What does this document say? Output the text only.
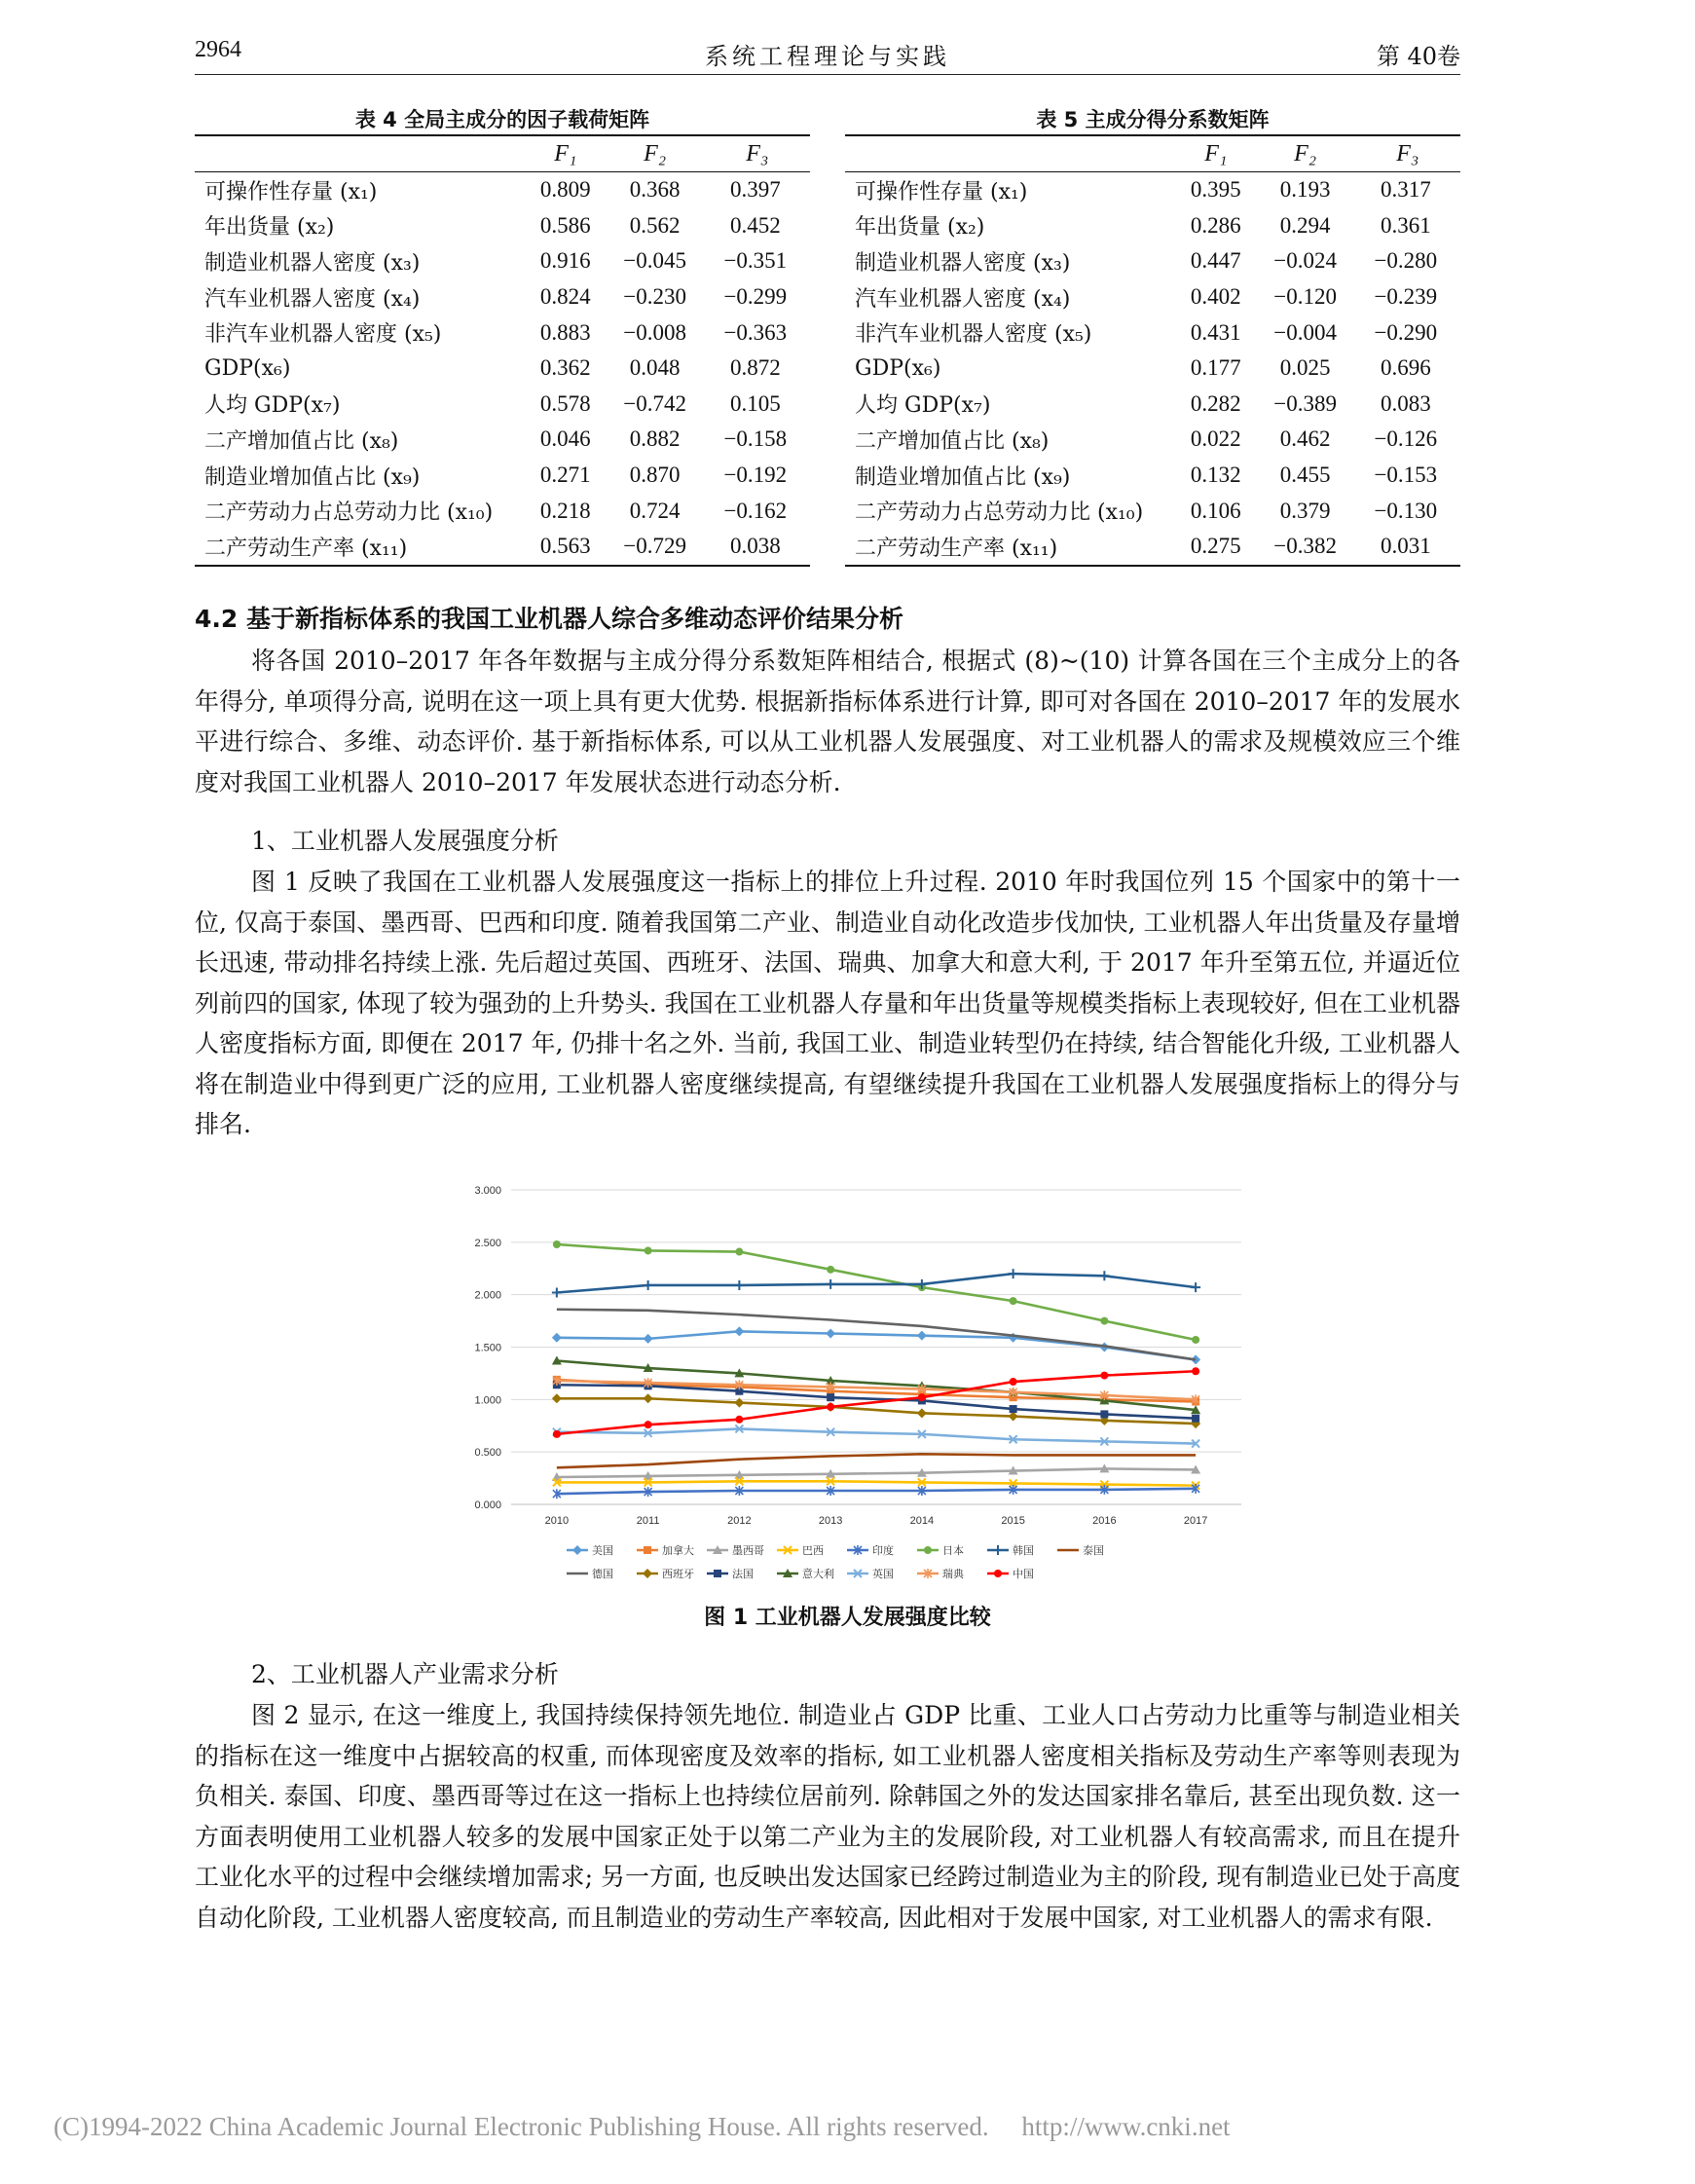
2964	系统工程理论与实践	第 40卷
表 4 全局主成分的因子载荷矩阵
	F₁	F₂	F₃
可操作性存量 (x₁)	0.809	0.368	0.397
年出货量 (x₂)	0.586	0.562	0.452
制造业机器人密度 (x₃)	0.916	−0.045	−0.351
汽车业机器人密度 (x₄)	0.824	−0.230	−0.299
非汽车业机器人密度 (x₅)	0.883	−0.008	−0.363
GDP(x₆)	0.362	0.048	0.872
人均 GDP(x₇)	0.578	−0.742	0.105
二产增加值占比 (x₈)	0.046	0.882	−0.158
制造业增加值占比 (x₉)	0.271	0.870	−0.192
二产劳动力占总劳动力比 (x₁₀)	0.218	0.724	−0.162
二产劳动生产率 (x₁₁)	0.563	−0.729	0.038
表 5 主成分得分系数矩阵
	F₁	F₂	F₃
可操作性存量 (x₁)	0.395	0.193	0.317
年出货量 (x₂)	0.286	0.294	0.361
制造业机器人密度 (x₃)	0.447	−0.024	−0.280
汽车业机器人密度 (x₄)	0.402	−0.120	−0.239
非汽车业机器人密度 (x₅)	0.431	−0.004	−0.290
GDP(x₆)	0.177	0.025	0.696
人均 GDP(x₇)	0.282	−0.389	0.083
二产增加值占比 (x₈)	0.022	0.462	−0.126
制造业增加值占比 (x₉)	0.132	0.455	−0.153
二产劳动力占总劳动力比 (x₁₀)	0.106	0.379	−0.130
二产劳动生产率 (x₁₁)	0.275	−0.382	0.031
4.2 基于新指标体系的我国工业机器人综合多维动态评价结果分析

将各国 2010–2017 年各年数据与主成分得分系数矩阵相结合, 根据式 (8)~(10) 计算各国在三个主成分上的各年得分, 单项得分高, 说明在这一项上具有更大优势. 根据新指标体系进行计算, 即可对各国在 2010–2017 年的发展水平进行综合、多维、动态评价. 基于新指标体系, 可以从工业机器人发展强度、对工业机器人的需求及规模效应三个维度对我国工业机器人 2010–2017 年发展状态进行动态分析.

1、工业机器人发展强度分析

图 1 反映了我国在工业机器人发展强度这一指标上的排位上升过程. 2010 年时我国位列 15 个国家中的第十一位, 仅高于泰国、墨西哥、巴西和印度. 随着我国第二产业、制造业自动化改造步伐加快, 工业机器人年出货量及存量增长迅速, 带动排名持续上涨. 先后超过英国、西班牙、法国、瑞典、加拿大和意大利, 于 2017 年升至第五位, 并逼近位列前四的国家, 体现了较为强劲的上升势头. 我国在工业机器人存量和年出货量等规模类指标上表现较好, 但在工业机器人密度指标方面, 即便在 2017 年, 仍排十名之外. 当前, 我国工业、制造业转型仍在持续, 结合智能化升级, 工业机器人将在制造业中得到更广泛的应用, 工业机器人密度继续提高, 有望继续提升我国在工业机器人发展强度指标上的得分与排名.

0.000
0.500
1.000
1.500
2.000
2.500
3.000
2010	2011	2012	2013	2014	2015	2016	2017
美国	加拿大	墨西哥	巴西	印度	日本	韩国	泰国
德国	西班牙	法国	意大利	英国	瑞典	中国
图 1 工业机器人发展强度比较
2、工业机器人产业需求分析

图 2 显示, 在这一维度上, 我国持续保持领先地位. 制造业占 GDP 比重、工业人口占劳动力比重等与制造业相关的指标在这一维度中占据较高的权重, 而体现密度及效率的指标, 如工业机器人密度相关指标及劳动生产率等则表现为负相关. 泰国、印度、墨西哥等过在这一指标上也持续位居前列. 除韩国之外的发达国家排名靠后, 甚至出现负数. 这一方面表明使用工业机器人较多的发展中国家正处于以第二产业为主的发展阶段, 对工业机器人有较高需求, 而且在提升工业化水平的过程中会继续增加需求; 另一方面, 也反映出发达国家已经跨过制造业为主的阶段, 现有制造业已处于高度自动化阶段, 工业机器人密度较高, 而且制造业的劳动生产率较高, 因此相对于发展中国家, 对工业机器人的需求有限.

(C)1994-2022 China Academic Journal Electronic Publishing House. All rights reserved. http://www.cnki.net
